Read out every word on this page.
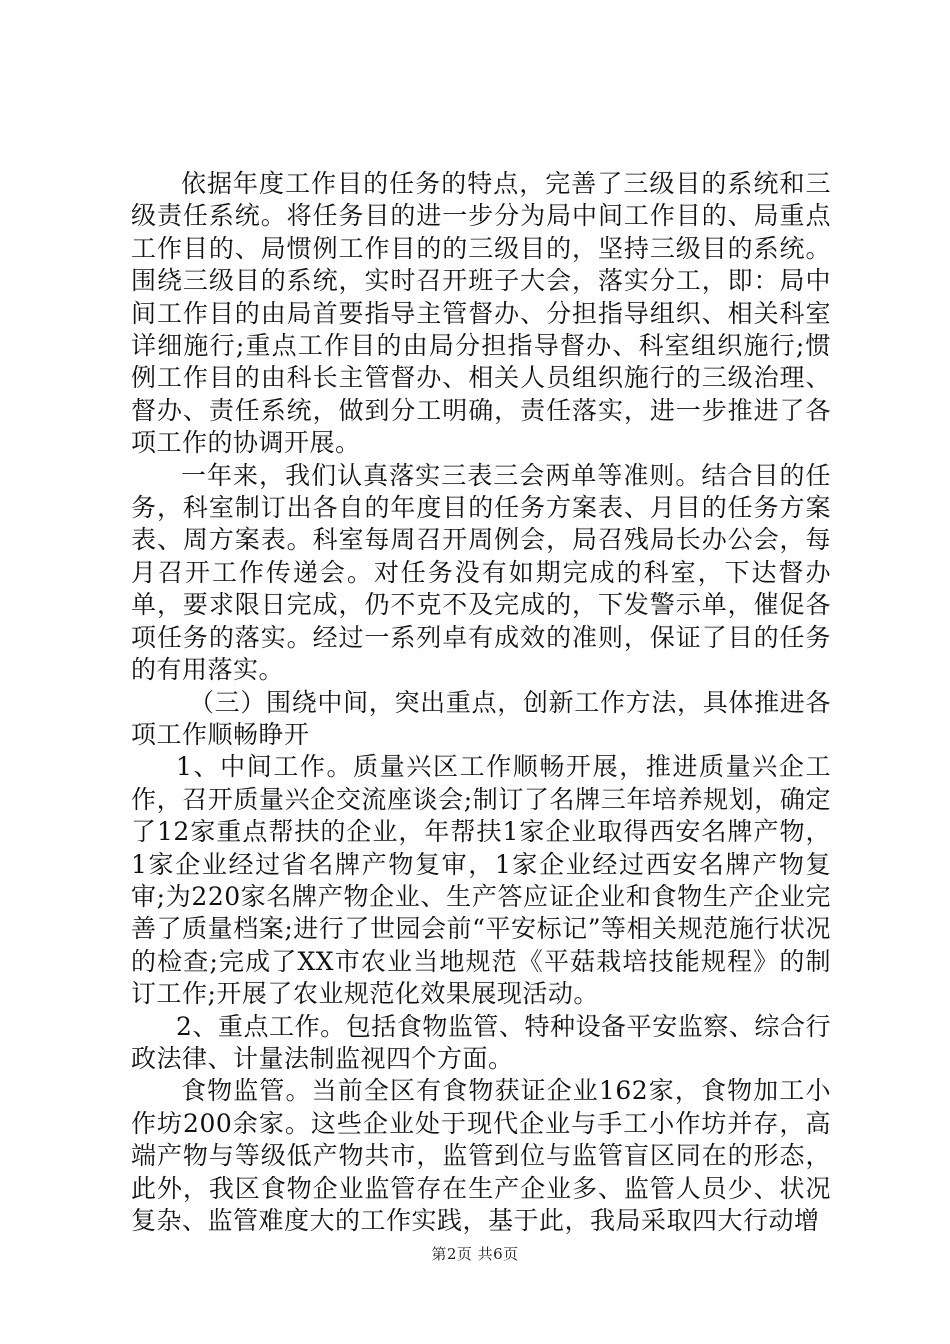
依据年度工作目的任务的特点，完善了三级目的系统和三级责任系统。将任务目的进一步分为局中间工作目的、局重点工作目的、局惯例工作目的的三级目的，坚持三级目的系统。围绕三级目的系统，实时召开班子大会，落实分工，即：局中间工作目的由局首要指导主管督办、分担指导组织、相关科室详细施行;重点工作目的由局分担指导督办、科室组织施行;惯例工作目的由科长主管督办、相关人员组织施行的三级治理、督办、责任系统，做到分工明确，责任落实，进一步推进了各项工作的协调开展。

一年来，我们认真落实三表三会两单等准则。结合目的任务，科室制订出各自的年度目的任务方案表、月目的任务方案表、周方案表。科室每周召开周例会，局召残局长办公会，每月召开工作传递会。对任务没有如期完成的科室，下达督办单，要求限日完成，仍不克不及完成的，下发警示单，催促各项任务的落实。经过一系列卓有成效的准则，保证了目的任务的有用落实。

（三）围绕中间，突出重点，创新工作方法，具体推进各项工作顺畅睁开

1、中间工作。质量兴区工作顺畅开展，推进质量兴企工作，召开质量兴企交流座谈会;制订了名牌三年培养规划，确定了12家重点帮扶的企业，年帮扶1家企业取得西安名牌产物，1家企业经过省名牌产物复审，1家企业经过西安名牌产物复审;为220家名牌产物企业、生产答应证企业和食物生产企业完善了质量档案;进行了世园会前“平安标记”等相关规范施行状况的检查;完成了XX市农业当地规范《平菇栽培技能规程》的制订工作;开展了农业规范化效果展现活动。

2、重点工作。包括食物监管、特种设备平安监察、综合行政法律、计量法制监视四个方面。

食物监管。当前全区有食物获证企业162家，食物加工小作坊200余家。这些企业处于现代企业与手工小作坊并存，高端产物与等级低产物共市，监管到位与监管盲区同在的形态，此外，我区食物企业监管存在生产企业多、监管人员少、状况复杂、监管难度大的工作实践，基于此，我局采取四大行动增

第2页 共6页
